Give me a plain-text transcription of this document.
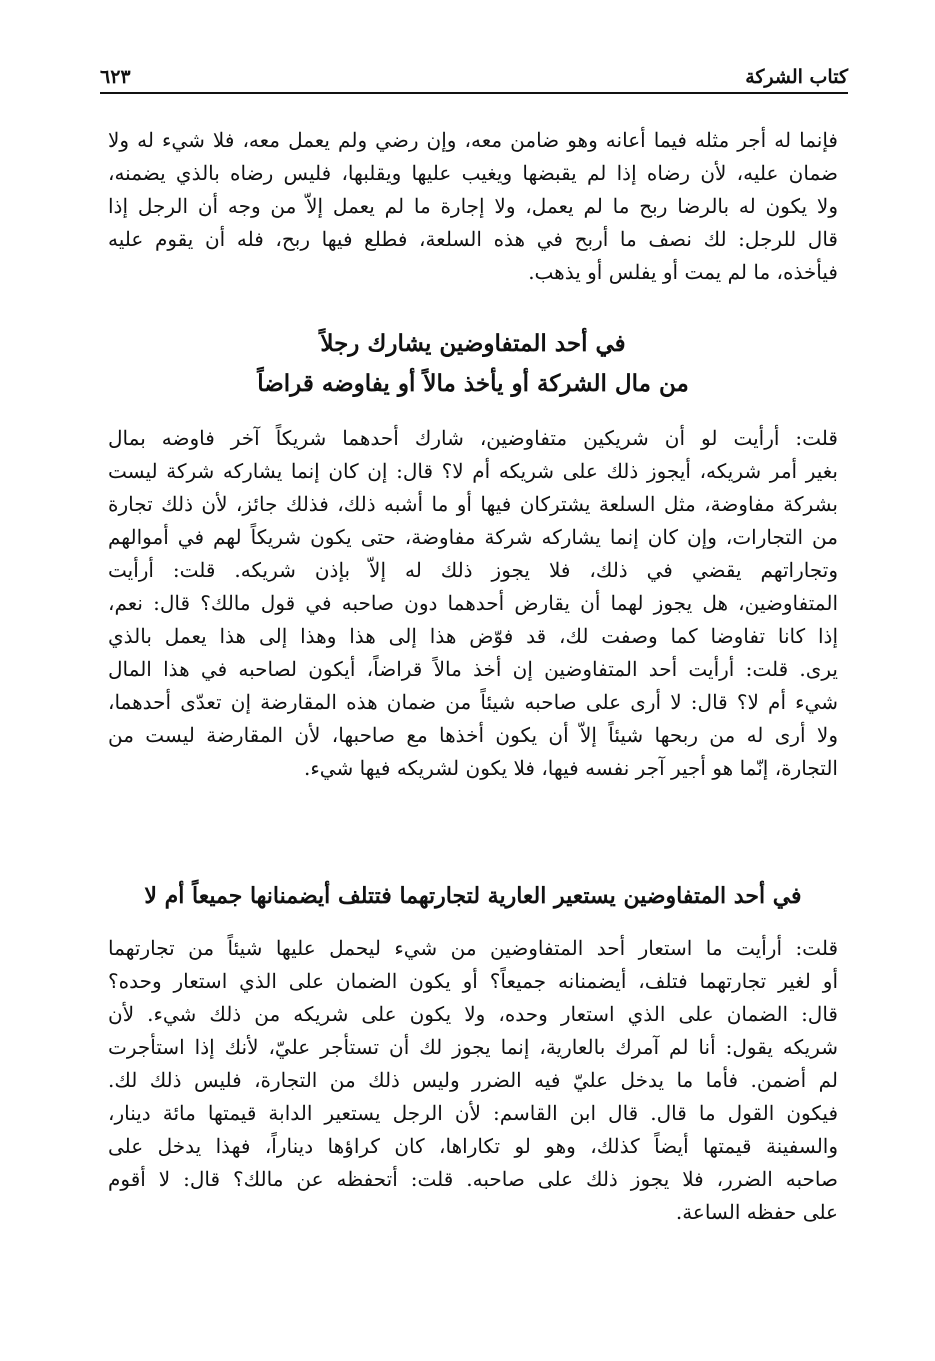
كتاب الشركة
٦٢٣
فإنما له أجر مثله فيما أعانه وهو ضامن معه، وإن رضي ولم يعمل معه، فلا شيء له ولا
ضمان عليه، لأن رضاه إذا لم يقبضها ويغيب عليها ويقلبها، فليس رضاه بالذي يضمنه،
ولا يكون له بالرضا ربح ما لم يعمل، ولا إجارة ما لم يعمل إلاّ من وجه أن الرجل إذا
قال للرجل: لك نصف ما أربح في هذه السلعة، فطلع فيها ربح، فله أن يقوم عليه
فيأخذه، ما لم يمت أو يفلس أو يذهب.
في أحد المتفاوضين يشارك رجلاً
من مال الشركة أو يأخذ مالاً أو يفاوضه قراضاً
قلت: أرأيت لو أن شريكين متفاوضين، شارك أحدهما شريكاً آخر فاوضه بمال
بغير أمر شريكه، أيجوز ذلك على شريكه أم لا؟ قال: إن كان إنما يشاركه شركة ليست
بشركة مفاوضة، مثل السلعة يشتركان فيها أو ما أشبه ذلك، فذلك جائز، لأن ذلك تجارة
من التجارات، وإن كان إنما يشاركه شركة مفاوضة، حتى يكون شريكاً لهم في أموالهم
وتجاراتهم يقضي في ذلك، فلا يجوز ذلك له إلاّ بإذن شريكه. قلت: أرأيت
المتفاوضين، هل يجوز لهما أن يقارض أحدهما دون صاحبه في قول مالك؟ قال: نعم،
إذا كانا تفاوضا كما وصفت لك، قد فوّض هذا إلى هذا وهذا إلى هذا يعمل بالذي
يرى. قلت: أرأيت أحد المتفاوضين إن أخذ مالاً قراضاً، أيكون لصاحبه في هذا المال
شيء أم لا؟ قال: لا أرى على صاحبه شيئاً من ضمان هذه المقارضة إن تعدّى أحدهما،
ولا أرى له من ربحها شيئاً إلاّ أن يكون أخذها مع صاحبها، لأن المقارضة ليست من
التجارة، إنّما هو أجير آجر نفسه فيها، فلا يكون لشريكه فيها شيء.
في أحد المتفاوضين يستعير العارية لتجارتهما فتتلف أيضمنانها جميعاً أم لا
قلت: أرأيت ما استعار أحد المتفاوضين من شيء ليحمل عليها شيئاً من تجارتهما
أو لغير تجارتهما فتلف، أيضمنانه جميعاً؟ أو يكون الضمان على الذي استعار وحده؟
قال: الضمان على الذي استعار وحده، ولا يكون على شريكه من ذلك شيء. لأن
شريكه يقول: أنا لم آمرك بالعارية، إنما يجوز لك أن تستأجر عليّ، لأنك إذا استأجرت
لم أضمن. فأما ما يدخل عليّ فيه الضرر وليس ذلك من التجارة، فليس ذلك لك.
فيكون القول ما قال. قال ابن القاسم: لأن الرجل يستعير الدابة قيمتها مائة دينار،
والسفينة قيمتها أيضاً كذلك، وهو لو تكاراها، كان كراؤها ديناراً، فهذا يدخل على
صاحبه الضرر، فلا يجوز ذلك على صاحبه. قلت: أتحفظه عن مالك؟ قال: لا أقوم
على حفظه الساعة.
